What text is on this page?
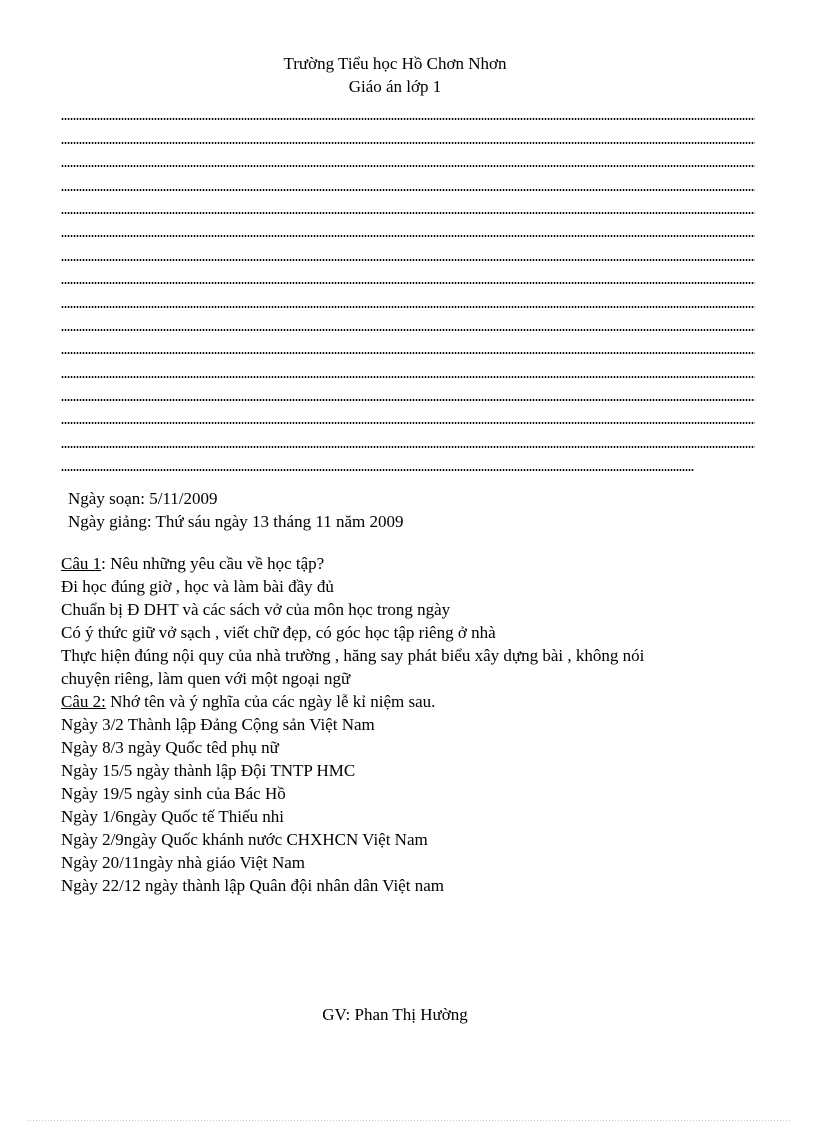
Trường Tiểu học Hồ Chơn Nhơn
Giáo án lớp 1
Ngày soạn: 5/11/2009
Ngày giảng: Thứ sáu ngày 13 tháng 11 năm 2009

Câu 1: Nêu những yêu cầu về học tập?

Đi học đúng giờ , học và làm bài đầy đủ

Chuẩn bị Đ DHT và các sách vở của môn học trong ngày

Có ý thức giữ vở sạch , viết chữ đẹp, có góc học tập riêng ở nhà

Thực hiện đúng nội quy của nhà trường , hăng say phát biểu xây dựng bài , không nói

chuyện riêng, làm quen với một ngoại ngữ

Câu 2: Nhớ tên và ý nghĩa của các ngày lễ kỉ niệm sau.

Ngày 3/2 Thành lập Đảng Cộng sản Việt Nam

Ngày 8/3 ngày Quốc têd phụ nữ

Ngày 15/5 ngày thành lập Đội TNTP HMC

Ngày 19/5 ngày sinh của Bác Hồ

Ngày 1/6ngày Quốc tế Thiếu nhi

Ngày 2/9ngày Quốc khánh nước CHXHCN Việt Nam

Ngày 20/11ngày nhà giáo Việt Nam

Ngày 22/12 ngày thành lập Quân đội nhân dân Việt nam

GV: Phan Thị Hường
